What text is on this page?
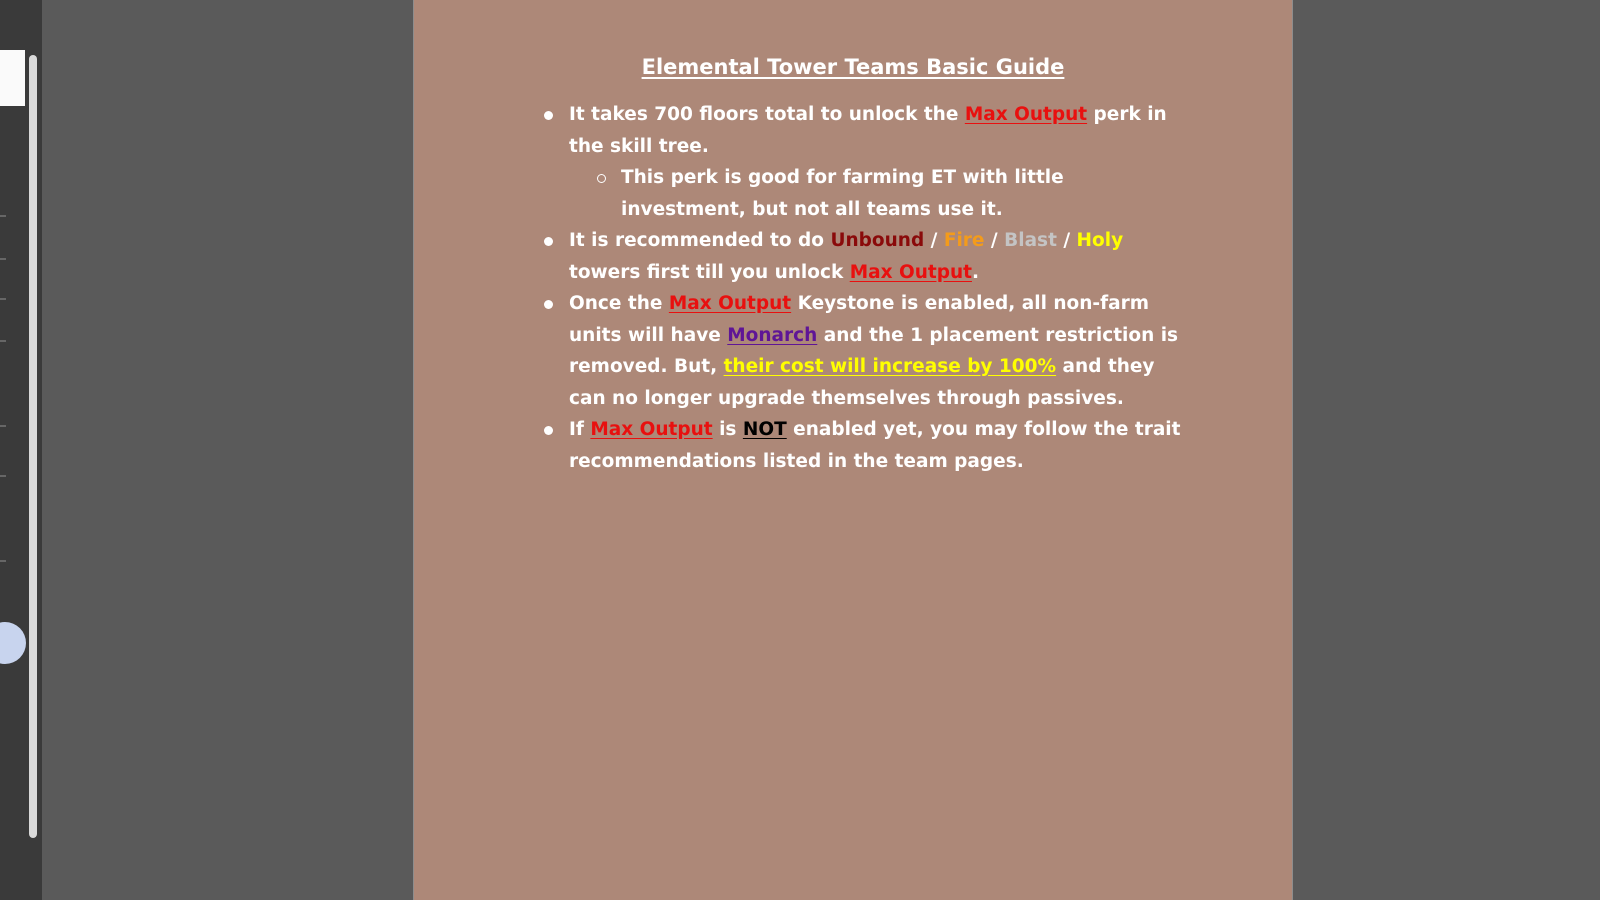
Elemental Tower Teams Basic Guide
It takes 700 floors total to unlock the Max Output perk in the skill tree.
This perk is good for farming ET with little investment, but not all teams use it.
It is recommended to do Unbound / Fire / Blast / Holy towers first till you unlock Max Output.
Once the Max Output Keystone is enabled, all non-farm units will have Monarch and the 1 placement restriction is removed. But, their cost will increase by 100% and they can no longer upgrade themselves through passives.
If Max Output is NOT enabled yet, you may follow the trait recommendations listed in the team pages.
